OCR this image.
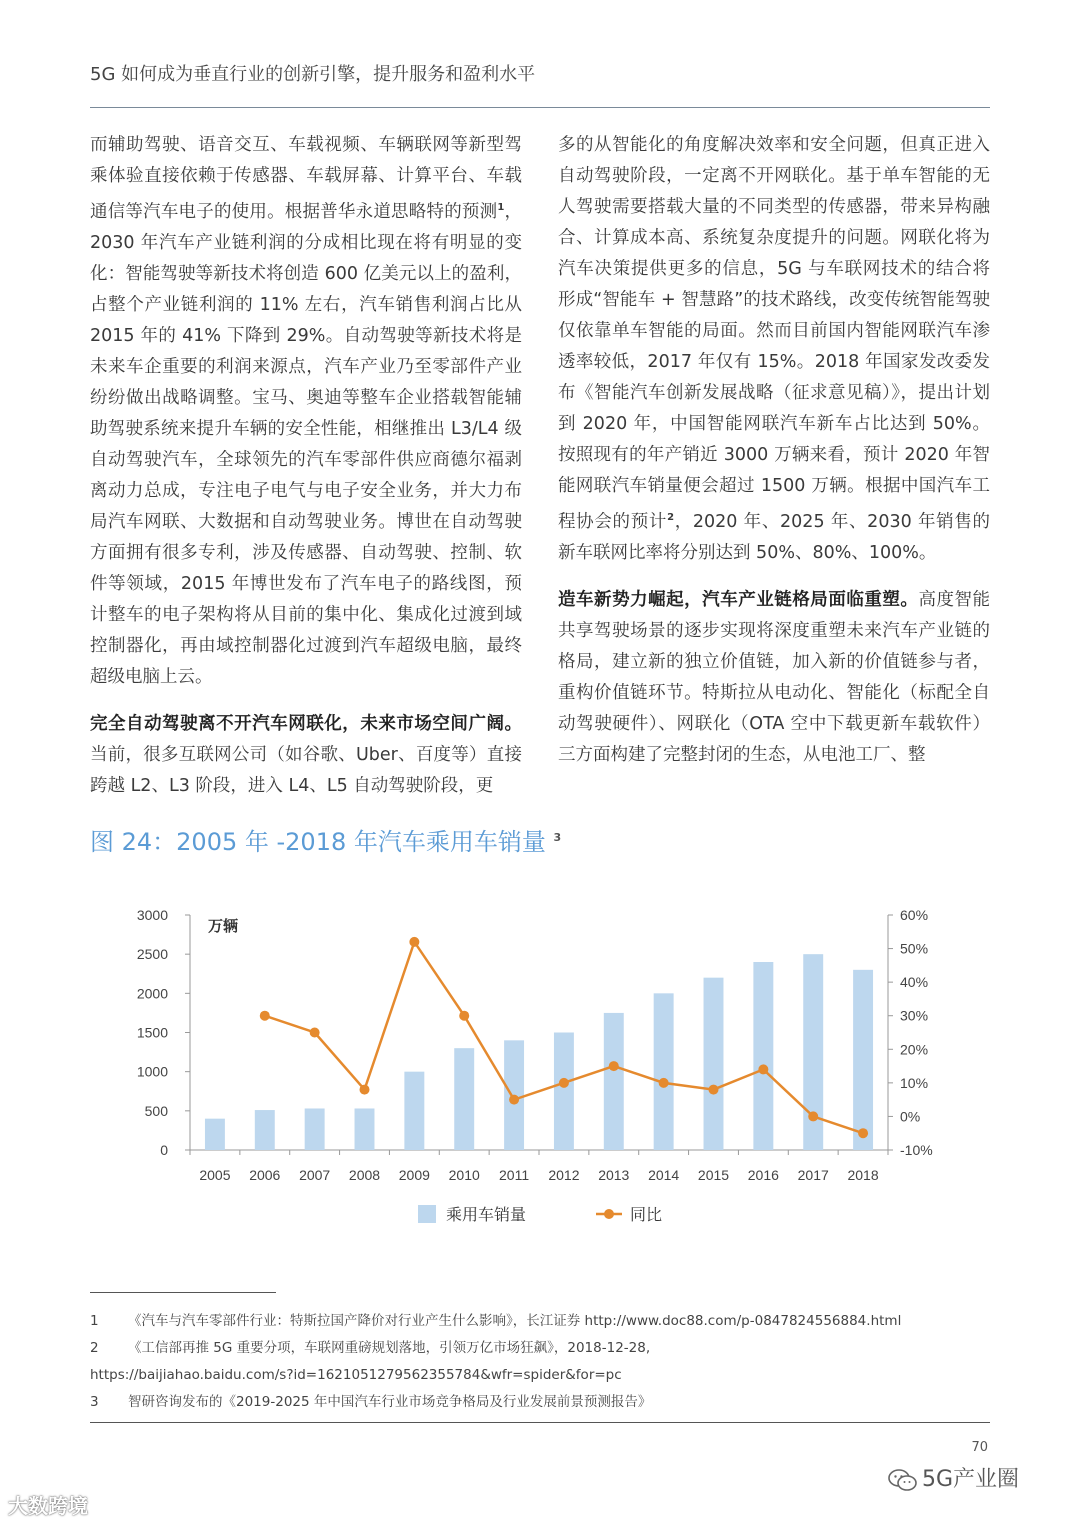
5G 如何成为垂直行业的创新引擎，提升服务和盈利水平

而辅助驾驶、语音交互、车载视频、车辆联网等新型驾乘体验直接依赖于传感器、车载屏幕、计算平台、车载通信等汽车电子的使用。根据普华永道思略特的预测$^1$，2030 年汽车产业链利润的分成相比现在将有明显的变化：智能驾驶等新技术将创造 600 亿美元以上的盈利，占整个产业链利润的 11% 左右，汽车销售利润占比从 2015 年的 41% 下降到 29%。自动驾驶等新技术将是未来车企重要的利润来源点，汽车产业乃至零部件产业纷纷做出战略调整。宝马、奥迪等整车企业搭载智能辅助驾驶系统来提升车辆的安全性能，相继推出 L3/L4 级自动驾驶汽车，全球领先的汽车零部件供应商德尔福剥离动力总成，专注电子电气与电子安全业务，并大力布局汽车网联、大数据和自动驾驶业务。博世在自动驾驶方面拥有很多专利，涉及传感器、自动驾驶、控制、软件等领域，2015 年博世发布了汽车电子的路线图，预计整车的电子架构将从目前的集中化、集成化过渡到域控制器化，再由域控制器化过渡到汽车超级电脑，最终超级电脑上云。

完全自动驾驶离不开汽车网联化，未来市场空间广阔。当前，很多互联网公司（如谷歌、Uber、百度等）直接跨越 L2、L3 阶段，进入 L4、L5 自动驾驶阶段，更

多的从智能化的角度解决效率和安全问题，但真正进入自动驾驶阶段，一定离不开网联化。基于单车智能的无人驾驶需要搭载大量的不同类型的传感器，带来异构融合、计算成本高、系统复杂度提升的问题。网联化将为汽车决策提供更多的信息，5G 与车联网技术的结合将形成“智能车 + 智慧路”的技术路线，改变传统智能驾驶仅依靠单车智能的局面。然而目前国内智能网联汽车渗透率较低，2017 年仅有 15%。2018 年国家发改委发布《智能汽车创新发展战略（征求意见稿）》，提出计划到 2020 年，中国智能网联汽车新车占比达到 50%。按照现有的年产销近 3000 万辆来看，预计 2020 年智能网联汽车销量便会超过 1500 万辆。根据中国汽车工程协会的预计$^2$，2020 年、2025 年、2030 年销售的新车联网比率将分别达到 50%、80%、100%。

造车新势力崛起，汽车产业链格局面临重塑。高度智能共享驾驶场景的逐步实现将深度重塑未来汽车产业链的格局，建立新的独立价值链，加入新的价值链参与者，重构价值链环节。特斯拉从电动化、智能化（标配全自动驾驶硬件）、网联化（OTA 空中下载更新车载软件）三方面构建了完整封闭的生态，从电池工厂、整

图 24：2005 年 -2018 年汽车乘用车销量 $^3$
0
500
1000
1500
2000
2500
3000
-10%
0%
10%
20%
30%
40%
50%
60%
2005 2006 2007 2008 2009 2010 2011 2012 2013 2014 2015 2016 2017 2018
万辆
乘用车销量	同比
1 《汽车与汽车零部件行业：特斯拉国产降价对行业产生什么影响》，长江证券 http://www.doc88.com/p-0847824556884.html
2 《工信部再推 5G 重要分项，车联网重磅规划落地，引领万亿市场狂飙》，2018-12-28,
https://baijiahao.baidu.com/s?id=1621051279562355784&wfr=spider&for=pc
3 智研咨询发布的《2019-2025 年中国汽车行业市场竞争格局及行业发展前景预测报告》
70
大数跨境
5G产业圈
